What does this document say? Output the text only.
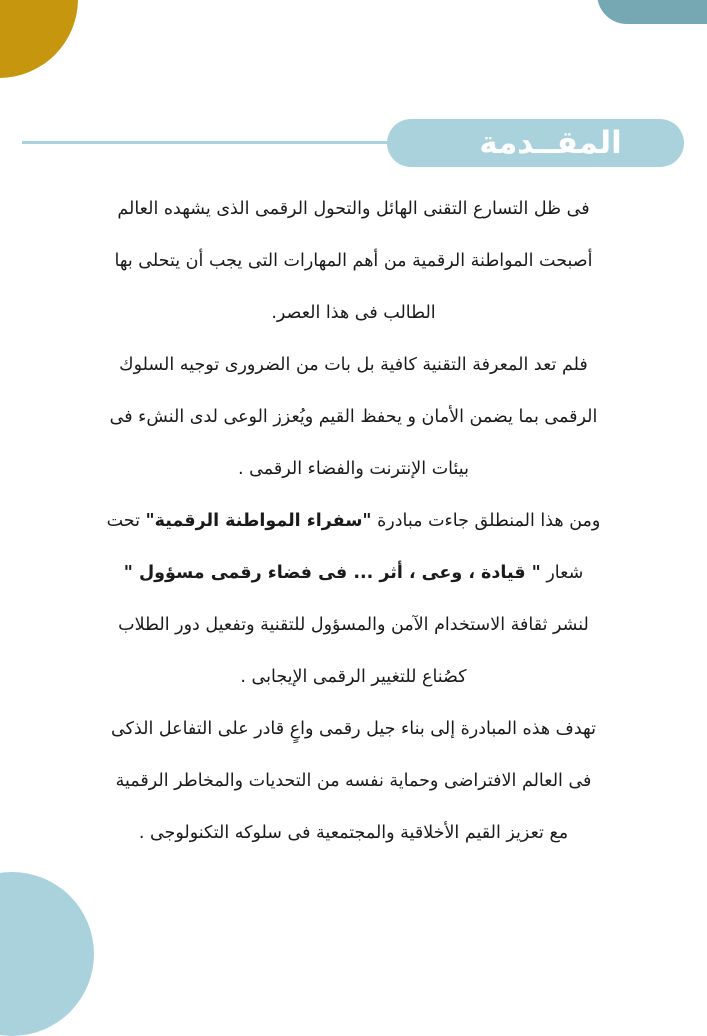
المقــدمة
فى ظل التسارع التقنى الهائل والتحول الرقمى الذى يشهده العالم
أصبحت المواطنة الرقمية من أهم المهارات التى يجب أن يتحلى بها
الطالب فى هذا العصر.
فلم تعد المعرفة التقنية كافية بل بات من الضرورى توجيه السلوك
الرقمى بما يضمن الأمان و يحفظ القيم ويُعزز الوعى لدى النشء فى
بيئات الإنترنت والفضاء الرقمى .
ومن هذا المنطلق جاءت مبادرة "سفراء المواطنة الرقمية" تحت
شعار " قيادة ، وعى ، أثر ... فى فضاء رقمى مسؤول "
لنشر ثقافة الاستخدام الآمن والمسؤول للتقنية وتفعيل دور الطلاب
كصُناع للتغيير الرقمى الإيجابى .
تهدف هذه المبادرة إلى بناء جيل رقمى واعٍ قادر على التفاعل الذكى
فى العالم الافتراضى وحماية نفسه من التحديات والمخاطر الرقمية
مع تعزيز القيم الأخلاقية والمجتمعية فى سلوكه التكنولوجى .
